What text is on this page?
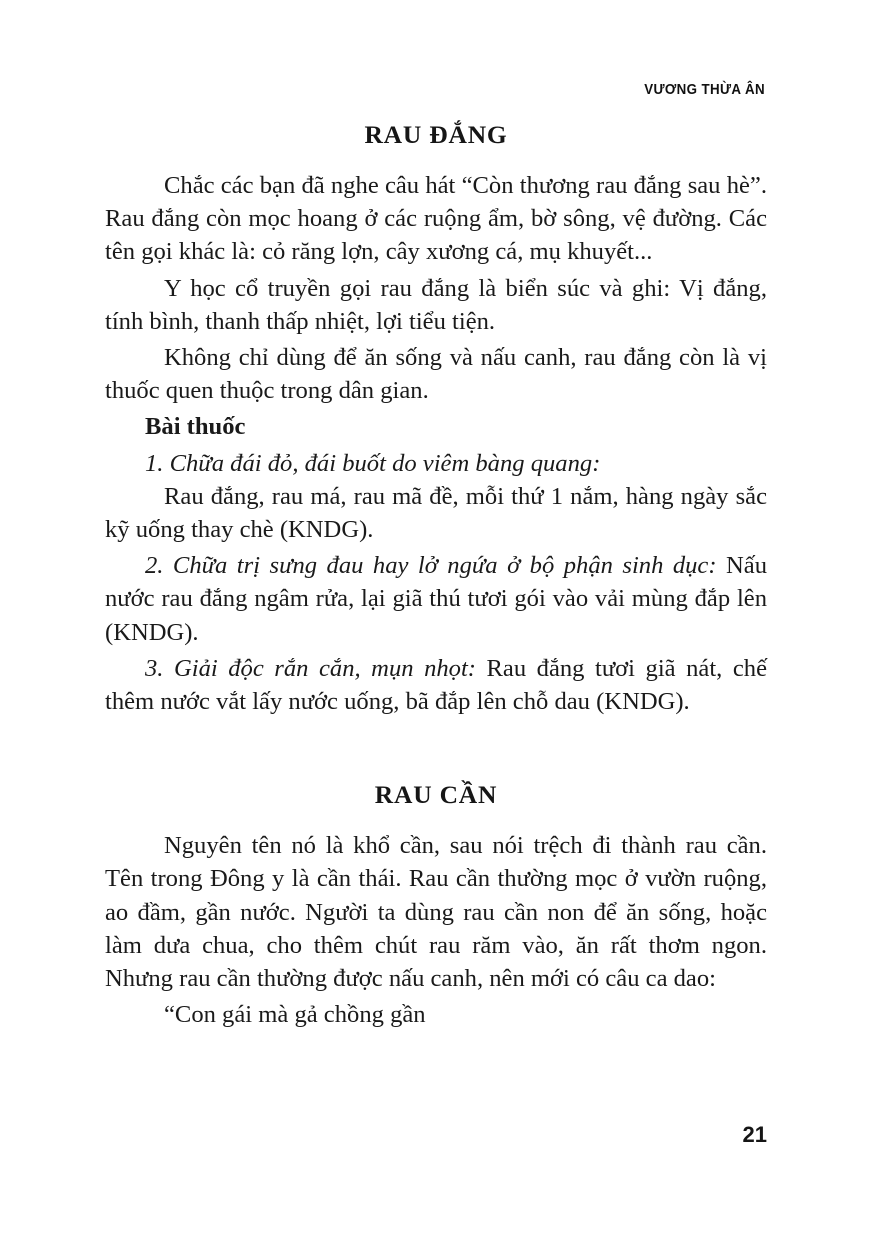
VƯƠNG THỪA ÂN
RAU ĐẮNG

Chắc các bạn đã nghe câu hát “Còn thương rau đắng sau hè”. Rau đắng còn mọc hoang ở các ruộng ẩm, bờ sông, vệ đường. Các tên gọi khác là: cỏ răng lợn, cây xương cá, mụ khuyết...

Y học cổ truyền gọi rau đắng là biển súc và ghi: Vị đắng, tính bình, thanh thấp nhiệt, lợi tiểu tiện.

Không chỉ dùng để ăn sống và nấu canh, rau đắng còn là vị thuốc quen thuộc trong dân gian.

Bài thuốc

1. Chữa đái đỏ, đái buốt do viêm bàng quang:

Rau đắng, rau má, rau mã đề, mỗi thứ 1 nắm, hàng ngày sắc kỹ uống thay chè (KNDG).

2. Chữa trị sưng đau hay lở ngứa ở bộ phận sinh dục: Nấu nước rau đắng ngâm rửa, lại giã thú tươi gói vào vải mùng đắp lên (KNDG).

3. Giải độc rắn cắn, mụn nhọt: Rau đắng tươi giã nát, chế thêm nước vắt lấy nước uống, bã đắp lên chỗ dau (KNDG).

RAU CẦN

Nguyên tên nó là khổ cần, sau nói trệch đi thành rau cần. Tên trong Đông y là cần thái. Rau cần thường mọc ở vườn ruộng, ao đầm, gần nước. Người ta dùng rau cần non để ăn sống, hoặc làm dưa chua, cho thêm chút rau răm vào, ăn rất thơm ngon. Nhưng rau cần thường được nấu canh, nên mới có câu ca dao:

“Con gái mà gả chồng gần

21
